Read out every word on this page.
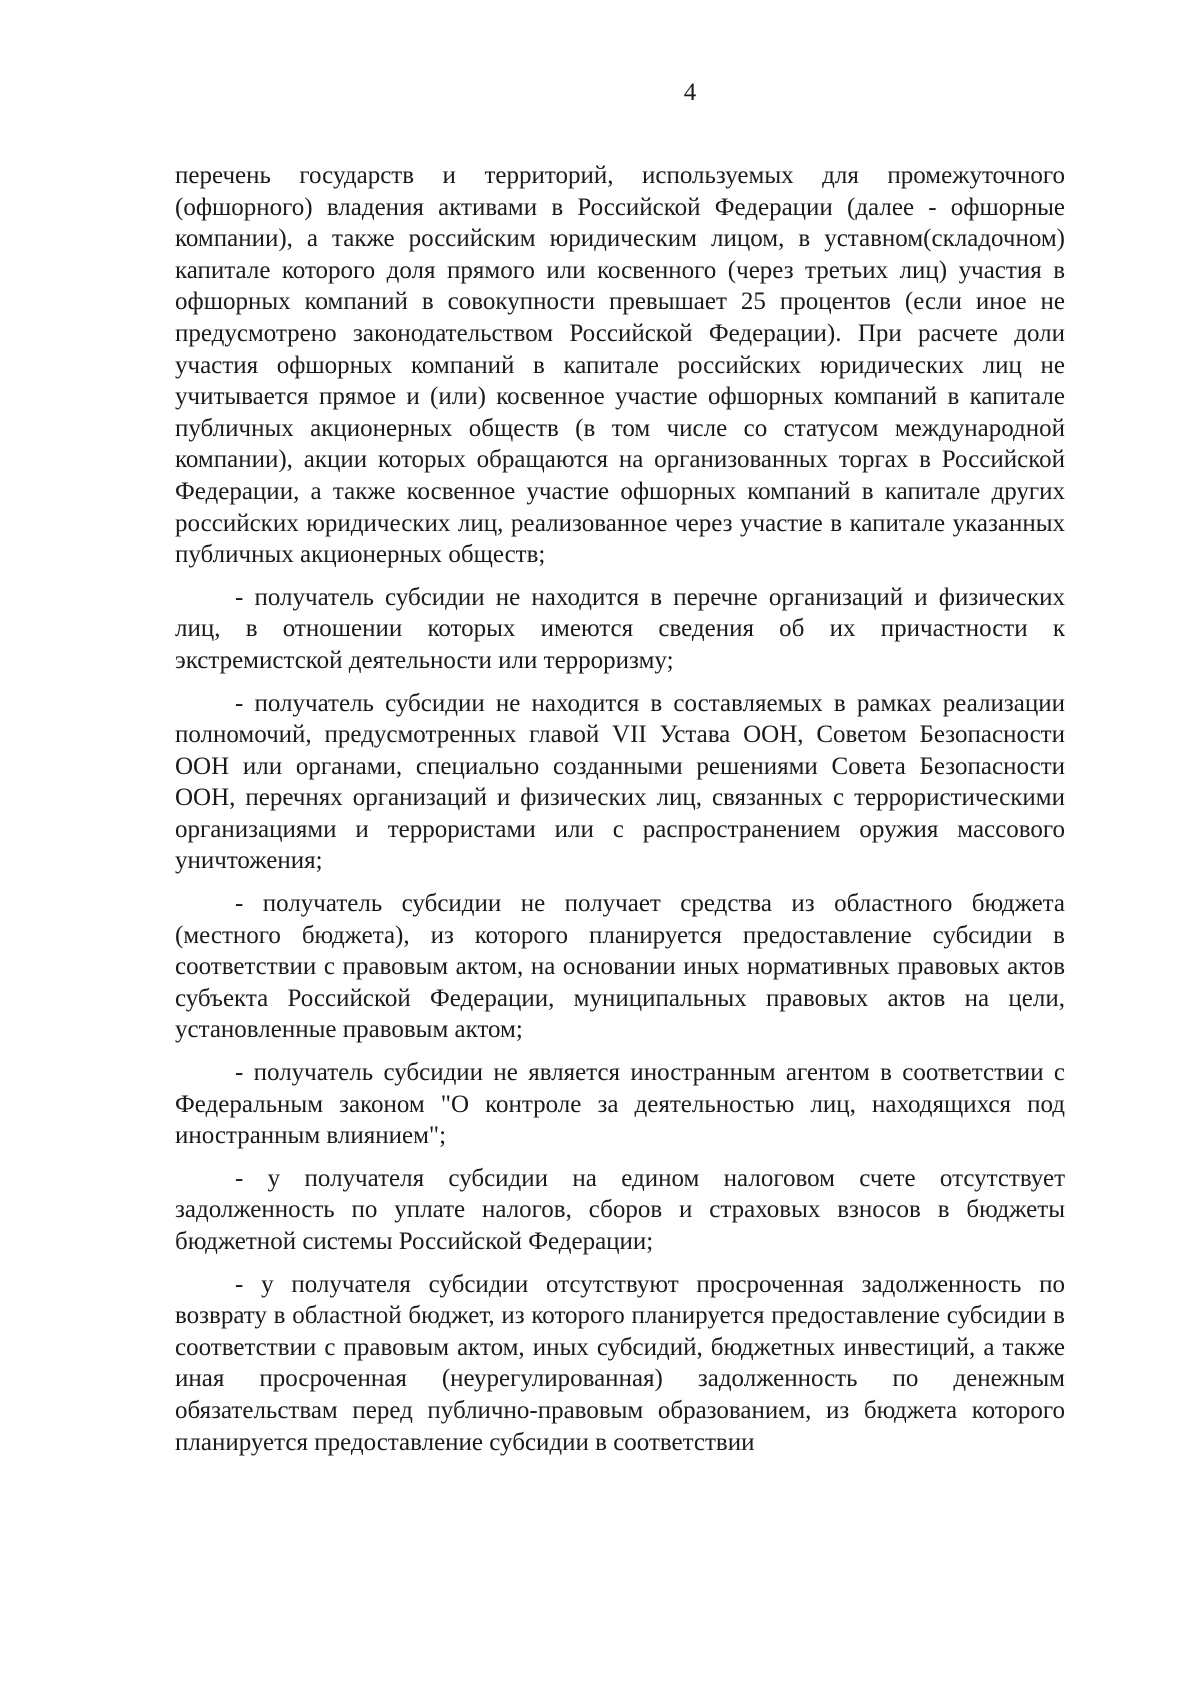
4

перечень государств и территорий, используемых для промежуточного (офшорного) владения активами в Российской Федерации (далее - офшорные компании), а также российским юридическим лицом, в уставном(складочном) капитале которого доля прямого или косвенного (через третьих лиц) участия в офшорных компаний в совокупности превышает 25 процентов (если иное не предусмотрено законодательством Российской Федерации). При расчете доли участия офшорных компаний в капитале российских юридических лиц не учитывается прямое и (или) косвенное участие офшорных компаний в капитале публичных акционерных обществ (в том числе со статусом международной компании), акции которых обращаются на организованных торгах в Российской Федерации, а также косвенное участие офшорных компаний в капитале других российских юридических лиц, реализованное через участие в капитале указанных публичных акционерных обществ;

- получатель субсидии не находится в перечне организаций и физических лиц, в отношении которых имеются сведения об их причастности к экстремистской деятельности или терроризму;

- получатель субсидии не находится в составляемых в рамках реализации полномочий, предусмотренных главой VII Устава ООН, Советом Безопасности ООН или органами, специально созданными решениями Совета Безопасности ООН, перечнях организаций и физических лиц, связанных с террористическими организациями и террористами или с распространением оружия массового уничтожения;

- получатель субсидии не получает средства из областного бюджета (местного бюджета), из которого планируется предоставление субсидии в соответствии с правовым актом, на основании иных нормативных правовых актов субъекта Российской Федерации, муниципальных правовых актов на цели, установленные правовым актом;

- получатель субсидии не является иностранным агентом в соответствии с Федеральным законом "О контроле за деятельностью лиц, находящихся под иностранным влиянием";

- у получателя субсидии на едином налоговом счете отсутствует задолженность по уплате налогов, сборов и страховых взносов в бюджеты бюджетной системы Российской Федерации;

- у получателя субсидии отсутствуют просроченная задолженность по возврату в областной бюджет, из которого планируется предоставление субсидии в соответствии с правовым актом, иных субсидий, бюджетных инвестиций, а также иная просроченная (неурегулированная) задолженность по денежным обязательствам перед публично-правовым образованием, из бюджета которого планируется предоставление субсидии в соответствии
